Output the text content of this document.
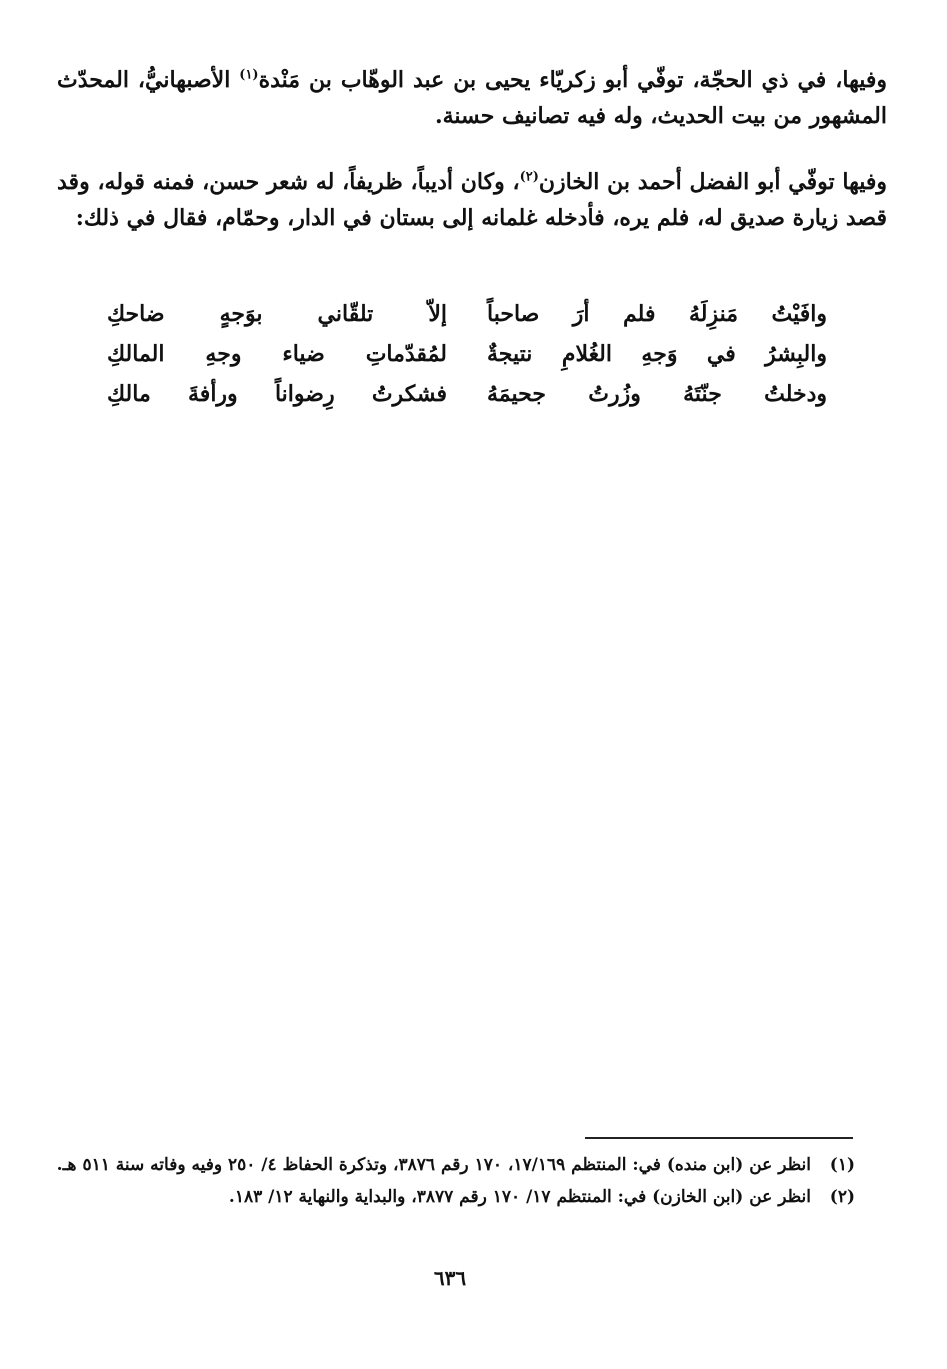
وفيها، في ذي الحجّة، توفّي أبو زكريّاء يحيى بن عبد الوهّاب بن مَنْدة$^{(١)}$ الأصبهانيُّ، المحدّث المشهور من بيت الحديث، وله فيه تصانيف حسنة.

وفيها توفّي أبو الفضل أحمد بن الخازن$^{(٢)}$، وكان أديباً، ظريفاً، له شعر حسن، فمنه قوله، وقد قصد زيارة صديق له، فلم يره، فأدخله غلمانه إلى بستان في الدار، وحمّام، فقال في ذلك:

وافَيْتُ مَنزِلَهُ فلم أرَ صاحباً
إلاّ تلقّاني بوَجهٍ ضاحكِ
والبِشرُ في وَجهِ الغُلامِ نتيجةٌ
لمُقدّماتِ ضياء وجهِ المالكِ
ودخلتُ جنّتَهُ وزُرتُ جحيمَهُ
فشكرتُ رِضواناً ورأفةَ مالكِ
(١)
انظر عن (ابن منده) في: المنتظم ١٧/١٦٩، ١٧٠ رقم ٣٨٧٦، وتذكرة الحفاظ ٤/ ٢٥٠ وفيه وفاته سنة ٥١١ هـ.
(٢)
انظر عن (ابن الخازن) في: المنتظم ١٧/ ١٧٠ رقم ٣٨٧٧، والبداية والنهاية ١٢/ ١٨٣.
٦٣٦
